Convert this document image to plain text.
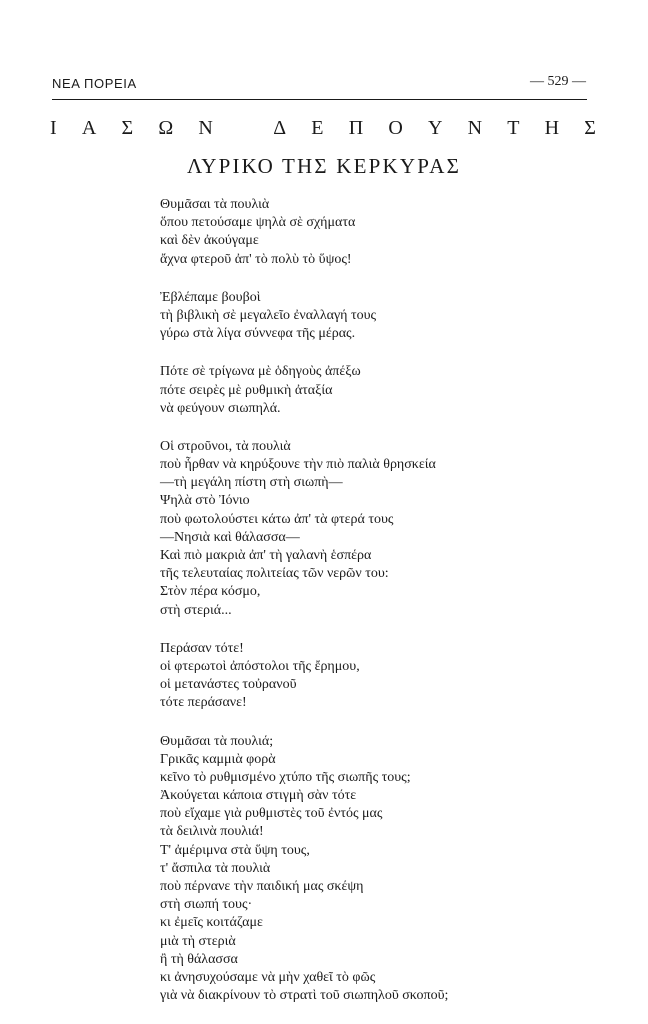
ΝΕΑ ΠΟΡΕΙΑ	— 529 —
Ι Α Σ Ω Ν	Δ Ε Π Ο Υ Ν Τ Η Σ
ΛΥΡΙΚΟ ΤΗΣ ΚΕΡΚΥΡΑΣ
Θυμᾶσαι τὰ πουλιὰ
ὅπου πετούσαμε ψηλὰ σὲ σχήματα
καὶ δὲν ἀκούγαμε
ἄχνα φτεροῦ ἀπ' τὸ πολὺ τὸ ὕψος!
Ἐβλέπαμε βουβοὶ
τὴ βιβλικὴ σὲ μεγαλεῖο ἐναλλαγή τους
γύρω στὰ λίγα σύννεφα τῆς μέρας.
Πότε σὲ τρίγωνα μὲ ὁδηγοὺς ἀπέξω
πότε σειρὲς μὲ ρυθμικὴ ἀταξία
νὰ φεύγουν σιωπηλά.
Οἱ στροῦνοι, τὰ πουλιὰ
ποὺ ἦρθαν νὰ κηρύξουνε τὴν πιὸ παλιὰ θρησκεία
—τὴ μεγάλη πίστη στὴ σιωπὴ—
Ψηλὰ στὸ Ἰόνιο
ποὺ φωτολούστει κάτω ἀπ' τὰ φτερά τους
—Νησιὰ καὶ θάλασσα—
Καὶ πιὸ μακριὰ ἀπ' τὴ γαλανὴ ἑσπέρα
τῆς τελευταίας πολιτείας τῶν νερῶν του:
Στὸν πέρα κόσμο,
στὴ στεριά...
Περάσαν τότε!
οἱ φτερωτοὶ ἀπόστολοι τῆς ἔρημου,
οἱ μετανάστες τοὐρανοῦ
τότε περάσανε!
Θυμᾶσαι τὰ πουλιά;
Γρικᾶς καμμιὰ φορὰ
κεῖνο τὸ ρυθμισμένο χτύπο τῆς σιωπῆς τους;
Ἀκούγεται κάποια στιγμὴ σὰν τότε
ποὺ εἴχαμε γιὰ ρυθμιστὲς τοῦ ἐντός μας
τὰ δειλινὰ πουλιά!
Τ' ἀμέριμνα στὰ ὕψη τους,
τ' ἄσπιλα τὰ πουλιὰ
ποὺ πέρνανε τὴν παιδική μας σκέψη
στὴ σιωπή τους·
κι ἐμεῖς κοιτάζαμε
μιὰ τὴ στεριὰ
ἢ τὴ θάλασσα
κι ἀνησυχούσαμε νὰ μὴν χαθεῖ τὸ φῶς
γιὰ νὰ διακρίνουν τὸ στρατὶ τοῦ σιωπηλοῦ σκοποῦ;
